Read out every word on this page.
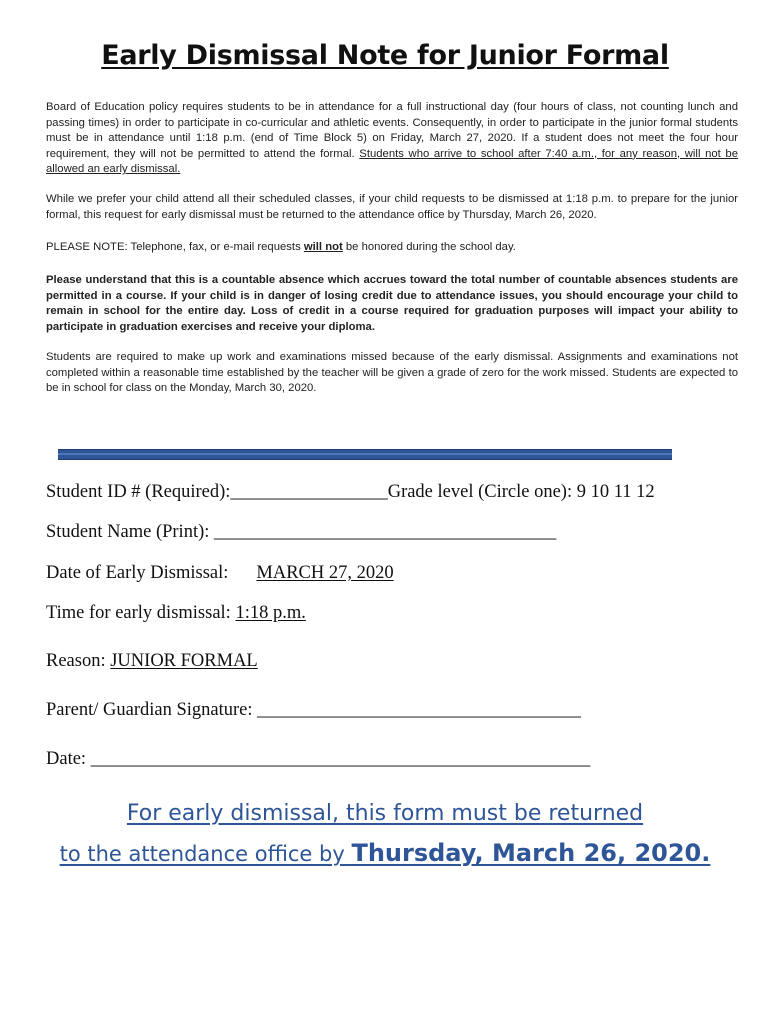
Early Dismissal Note for Junior Formal
Board of Education policy requires students to be in attendance for a full instructional day (four hours of class, not counting lunch and passing times) in order to participate in co-curricular and athletic events. Consequently, in order to participate in the junior formal students must be in attendance until 1:18 p.m. (end of Time Block 5) on Friday, March 27, 2020. If a student does not meet the four hour requirement, they will not be permitted to attend the formal. Students who arrive to school after 7:40 a.m., for any reason, will not be allowed an early dismissal.
While we prefer your child attend all their scheduled classes, if your child requests to be dismissed at 1:18 p.m. to prepare for the junior formal, this request for early dismissal must be returned to the attendance office by Thursday, March 26, 2020.
PLEASE NOTE: Telephone, fax, or e-mail requests will not be honored during the school day.
Please understand that this is a countable absence which accrues toward the total number of countable absences students are permitted in a course. If your child is in danger of losing credit due to attendance issues, you should encourage your child to remain in school for the entire day. Loss of credit in a course required for graduation purposes will impact your ability to participate in graduation exercises and receive your diploma.
Students are required to make up work and examinations missed because of the early dismissal. Assignments and examinations not completed within a reasonable time established by the teacher will be given a grade of zero for the work missed. Students are expected to be in school for class on the Monday, March 30, 2020.
Student ID # (Required):_________________Grade level (Circle one): 9 10 11 12
Student Name (Print): _____________________________________
Date of Early Dismissal: MARCH 27, 2020
Time for early dismissal: 1:18 p.m.
Reason: JUNIOR FORMAL
Parent/ Guardian Signature: ___________________________________
Date: ______________________________________________________
For early dismissal, this form must be returned
to the attendance office by Thursday, March 26, 2020.
